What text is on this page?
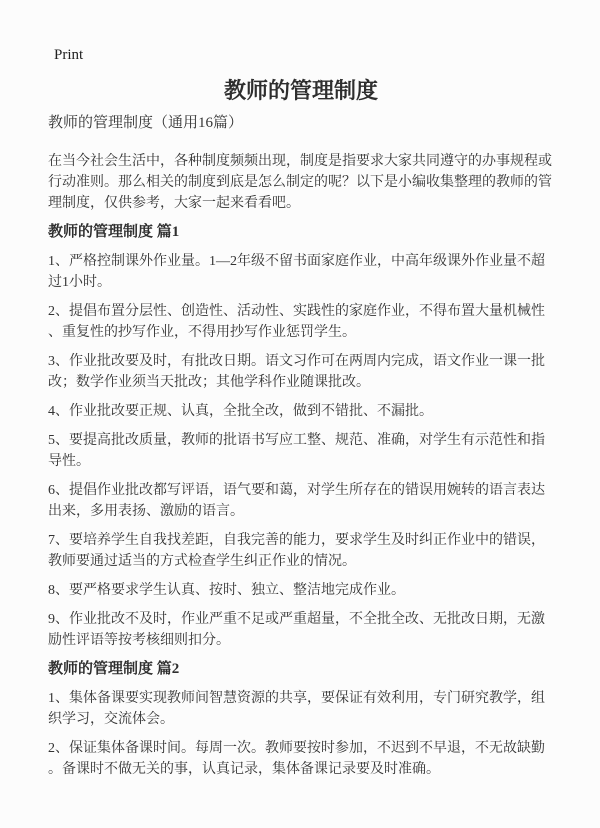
Print
教师的管理制度

教师的管理制度（通用16篇）

在当今社会生活中，各种制度频频出现，制度是指要求大家共同遵守的办事规程或行动准则。那么相关的制度到底是怎么制定的呢？以下是小编收集整理的教师的管理制度，仅供参考，大家一起来看看吧。

教师的管理制度 篇1

1、严格控制课外作业量。1—2年级不留书面家庭作业，中高年级课外作业量不超过1小时。

2、提倡布置分层性、创造性、活动性、实践性的家庭作业，不得布置大量机械性、重复性的抄写作业，不得用抄写作业惩罚学生。

3、作业批改要及时，有批改日期。语文习作可在两周内完成，语文作业一课一批改；数学作业须当天批改；其他学科作业随课批改。

4、作业批改要正规、认真，全批全改，做到不错批、不漏批。

5、要提高批改质量，教师的批语书写应工整、规范、准确，对学生有示范性和指导性。

6、提倡作业批改都写评语，语气要和蔼，对学生所存在的错误用婉转的语言表达出来，多用表扬、激励的语言。

7、要培养学生自我找差距，自我完善的能力，要求学生及时纠正作业中的错误，教师要通过适当的方式检查学生纠正作业的情况。

8、要严格要求学生认真、按时、独立、整洁地完成作业。

9、作业批改不及时，作业严重不足或严重超量，不全批全改、无批改日期，无激励性评语等按考核细则扣分。

教师的管理制度 篇2

1、集体备课要实现教师间智慧资源的共享，要保证有效利用，专门研究教学，组织学习，交流体会。

2、保证集体备课时间。每周一次。教师要按时参加，不迟到不早退，不无故缺勤。备课时不做无关的事，认真记录，集体备课记录要及时准确。
